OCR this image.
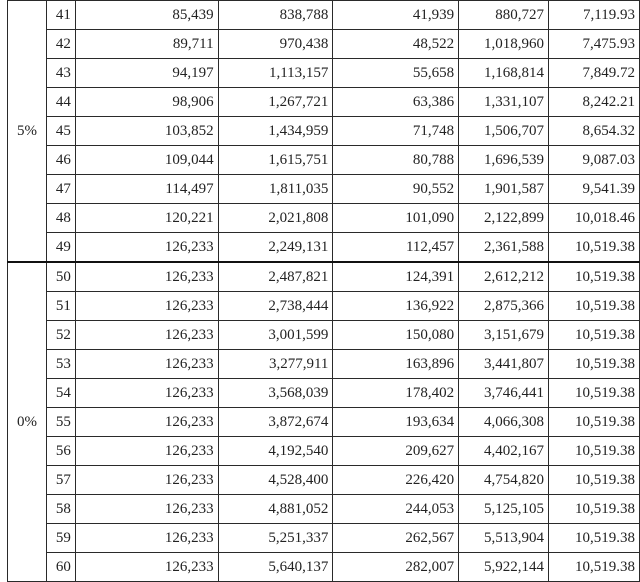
5%	41	85,439	838,788	41,939	880,727	7,119.93
	42	89,711	970,438	48,522	1,018,960	7,475.93
	43	94,197	1,113,157	55,658	1,168,814	7,849.72
	44	98,906	1,267,721	63,386	1,331,107	8,242.21
	45	103,852	1,434,959	71,748	1,506,707	8,654.32
	46	109,044	1,615,751	80,788	1,696,539	9,087.03
	47	114,497	1,811,035	90,552	1,901,587	9,541.39
	48	120,221	2,021,808	101,090	2,122,899	10,018.46
	49	126,233	2,249,131	112,457	2,361,588	10,519.38
0%	50	126,233	2,487,821	124,391	2,612,212	10,519.38
	51	126,233	2,738,444	136,922	2,875,366	10,519.38
	52	126,233	3,001,599	150,080	3,151,679	10,519.38
	53	126,233	3,277,911	163,896	3,441,807	10,519.38
	54	126,233	3,568,039	178,402	3,746,441	10,519.38
	55	126,233	3,872,674	193,634	4,066,308	10,519.38
	56	126,233	4,192,540	209,627	4,402,167	10,519.38
	57	126,233	4,528,400	226,420	4,754,820	10,519.38
	58	126,233	4,881,052	244,053	5,125,105	10,519.38
	59	126,233	5,251,337	262,567	5,513,904	10,519.38
	60	126,233	5,640,137	282,007	5,922,144	10,519.38
